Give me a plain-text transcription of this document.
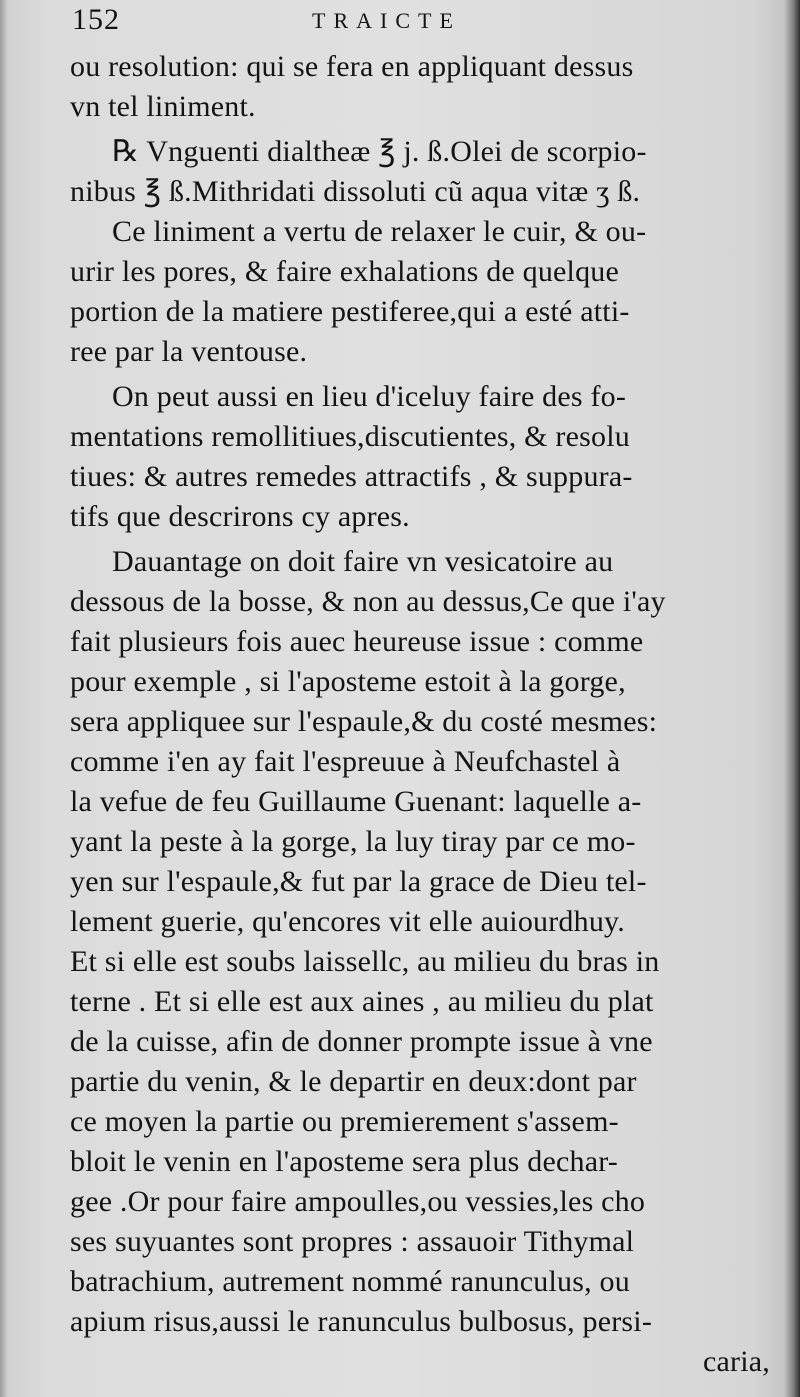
152	TRAICTE
ou resolution: qui se fera en appliquant dessus
vn tel liniment.
℞ Vnguenti dialtheæ ℥ j. ß.Olei de scorpio-
nibus ℥ ß.Mithridati dissoluti cũ aqua vitæ ʒ ß.
Ce liniment a vertu de relaxer le cuir, & ou-
urir les pores, & faire exhalations de quelque
portion de la matiere pestiferee,qui a esté atti-
ree par la ventouse.
On peut aussi en lieu d'iceluy faire des fo-
mentations remollitiues,discutientes, & resolu
tiues: & autres remedes attractifs , & suppura-
tifs que descrirons cy apres.
Dauantage on doit faire vn vesicatoire au
dessous de la bosse, & non au dessus,Ce que i'ay
fait plusieurs fois auec heureuse issue : comme
pour exemple , si l'aposteme estoit à la gorge,
sera appliquee sur l'espaule,& du costé mesmes:
comme i'en ay fait l'espreuue à Neufchastel à
la vefue de feu Guillaume Guenant: laquelle a-
yant la peste à la gorge, la luy tiray par ce mo-
yen sur l'espaule,& fut par la grace de Dieu tel-
lement guerie, qu'encores vit elle auiourdhuy.
Et si elle est soubs laissellc, au milieu du bras in
terne . Et si elle est aux aines , au milieu du plat
de la cuisse, afin de donner prompte issue à vne
partie du venin, & le departir en deux:dont par
ce moyen la partie ou premierement s'assem-
bloit le venin en l'aposteme sera plus dechar-
gee .Or pour faire ampoulles,ou vessies,les cho
ses suyuantes sont propres : assauoir Tithymal
batrachium, autrement nommé ranunculus, ou
apium risus,aussi le ranunculus bulbosus, persi-
caria,
